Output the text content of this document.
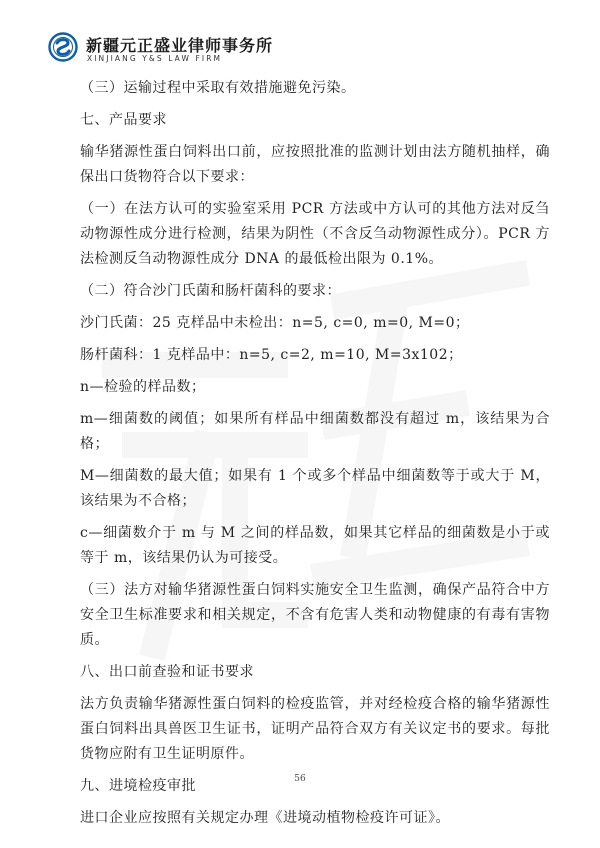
新疆元正盛业律师事务所
XINJIANG Y&S LAW FIRM

（三）运输过程中采取有效措施避免污染。

七、产品要求

输华猪源性蛋白饲料出口前，应按照批准的监测计划由法方随机抽样，确保出口货物符合以下要求：

（一）在法方认可的实验室采用 PCR 方法或中方认可的其他方法对反刍动物源性成分进行检测，结果为阴性（不含反刍动物源性成分）。PCR 方法检测反刍动物源性成分 DNA 的最低检出限为 0.1%。

（二）符合沙门氏菌和肠杆菌科的要求：

沙门氏菌：25 克样品中未检出：n=5, c=0, m=0, M=0；

肠杆菌科：1 克样品中：n=5, c=2, m=10, M=3x102；

n—检验的样品数；

m—细菌数的阈值；如果所有样品中细菌数都没有超过 m，该结果为合格；

M—细菌数的最大值；如果有 1 个或多个样品中细菌数等于或大于 M，该结果为不合格；

c—细菌数介于 m 与 M 之间的样品数，如果其它样品的细菌数是小于或等于 m，该结果仍认为可接受。

（三）法方对输华猪源性蛋白饲料实施安全卫生监测，确保产品符合中方安全卫生标准要求和相关规定，不含有危害人类和动物健康的有毒有害物质。

八、出口前查验和证书要求

法方负责输华猪源性蛋白饲料的检疫监管，并对经检疫合格的输华猪源性蛋白饲料出具兽医卫生证书，证明产品符合双方有关议定书的要求。每批货物应附有卫生证明原件。

九、进境检疫审批

进口企业应按照有关规定办理《进境动植物检疫许可证》。

56
